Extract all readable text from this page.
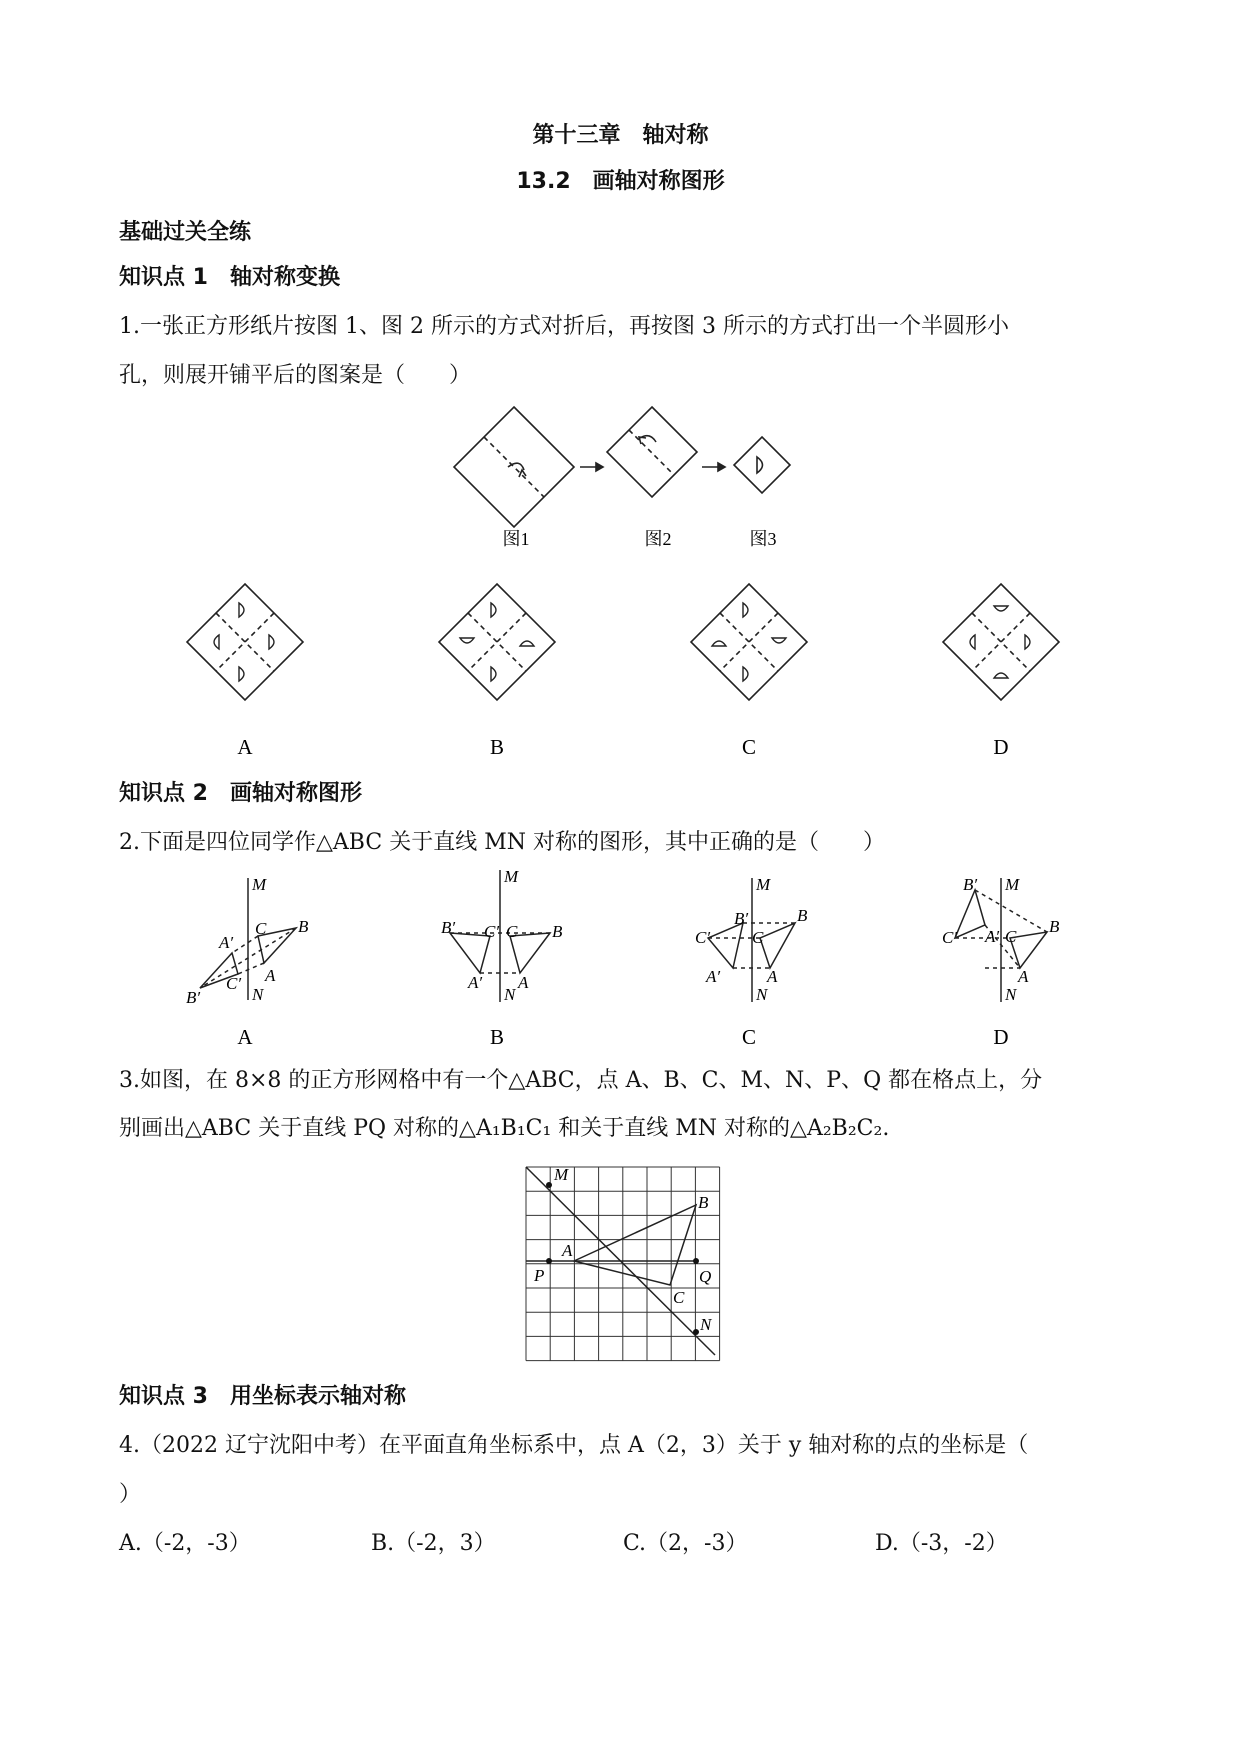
第十三章　轴对称
13.2　画轴对称图形
基础过关全练
知识点 1　轴对称变换
1.一张正方形纸片按图 1、图 2 所示的方式对折后，再按图 3 所示的方式打出一个半圆形小
孔，则展开铺平后的图案是（　　）
图1	图2	图3
A	B	C	D
知识点 2　画轴对称图形
2.下面是四位同学作△ABC 关于直线 MN 对称的图形，其中正确的是（　　）
M
N
B
C
A
A′
C′
B′
M
N
B
C
A
B′ C′
A′
M
N
B
C
A
B′
C′
A′
M
N
B
C
A
B′
C′ A′
A	B	C	D
3.如图，在 8×8 的正方形网格中有一个△ABC，点 A、B、C、M、N、P、Q 都在格点上，分
别画出△ABC 关于直线 PQ 对称的△A₁B₁C₁ 和关于直线 MN 对称的△A₂B₂C₂.
M
N
P	Q
A
B
C
知识点 3　用坐标表示轴对称
4.（2022 辽宁沈阳中考）在平面直角坐标系中，点 A（2，3）关于 y 轴对称的点的坐标是（
）
A.（-2，-3）	B.（-2，3）	C.（2，-3）	D.（-3，-2）
